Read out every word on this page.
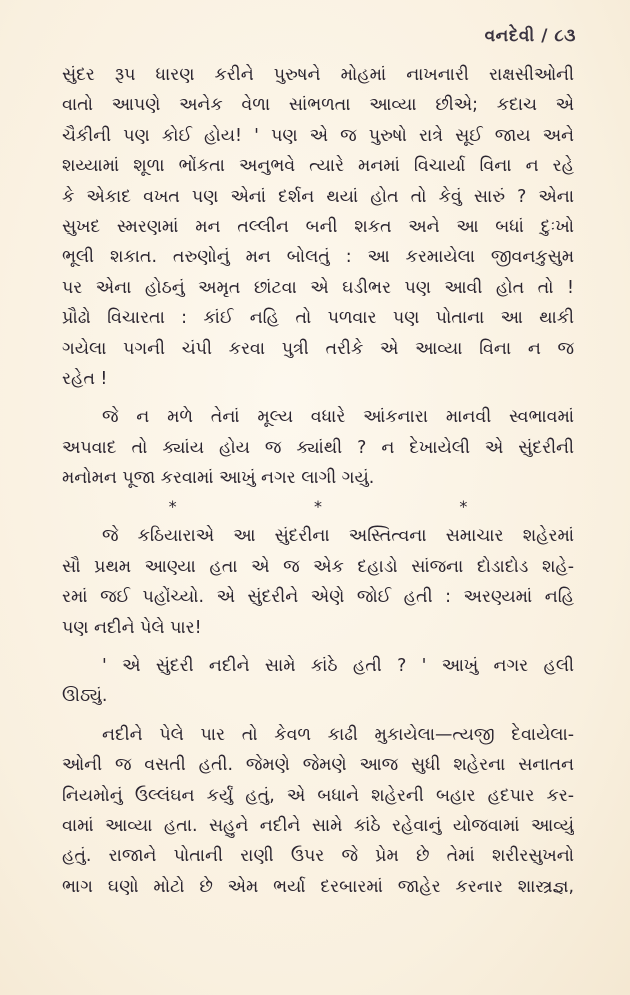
વનદેવી / ૮૩
સુંદર રૂપ ધારણ કરીને પુરુષને મોહમાં નાખનારી રાક્ષસીઓની
વાતો આપણે અનેક વેળા સાંભળતા આવ્યા છીએ; કદાચ એ
ચૈકીની પણ કોઈ હોય! ' પણ એ જ પુરુષો રાત્રે સૂઈ જાય અને
શય્યામાં શૂળા ભોંકતા અનુભવે ત્યારે મનમાં વિચાર્યા વિના ન રહે
કે એકાદ વખત પણ એનાં દર્શન થયાં હોત તો કેવું સારું ? એના
સુખદ સ્મરણમાં મન તલ્લીન બની શકત અને આ બધાં દુઃખો
ભૂલી શકાત. તરુણોનું મન બોલતું : આ કરમાયેલા જીવનકુસુમ
પર એના હોઠનું અમૃત છાંટવા એ ઘડીભર પણ આવી હોત તો !
પ્રૌઢો વિચારતા : કાંઈ નહિ તો પળવાર પણ પોતાના આ થાકી
ગયેલા પગની ચંપી કરવા પુત્રી તરીકે એ આવ્યા વિના ન જ
રહેત !
જે ન મળે તેનાં મૂલ્ય વધારે આંકનારા માનવી સ્વભાવમાં
અપવાદ તો ક્યાંય હોય જ ક્યાંથી ? ન દેખાયેલી એ સુંદરીની
મનોમન પૂજા કરવામાં આખું નગર લાગી ગયું.
*	*	*
જે કઠિયારાએ આ સુંદરીના અસ્તિત્વના સમાચાર શહેરમાં
સૌ પ્રથમ આણ્યા હતા એ જ એક દહાડો સાંજના દોડાદોડ શહે-
રમાં જઈ પહોંચ્યો. એ સુંદરીને એણે જોઈ હતી : અરણ્યમાં નહિ
પણ નદીને પેલે પાર!
' એ સુંદરી નદીને સામે કાંઠે હતી ? ' આખું નગર હલી
ઊઠ્યું.
નદીને પેલે પાર તો કેવળ કાઢી મુકાયેલા—ત્યજી દેવાયેલા-
ઓની જ વસતી હતી. જેમણે જેમણે આજ સુધી શહેરના સનાતન
નિયમોનું ઉલ્લંઘન કર્યું હતું, એ બધાને શહેરની બહાર હદપાર કર-
વામાં આવ્યા હતા. સહુને નદીને સામે કાંઠે રહેવાનું યોજવામાં આવ્યું
હતું. રાજાને પોતાની રાણી ઉપર જે પ્રેમ છે તેમાં શરીરસુખનો
ભાગ ઘણો મોટો છે એમ ભર્યા દરબારમાં જાહેર કરનાર શાસ્ત્રજ્ઞ,
